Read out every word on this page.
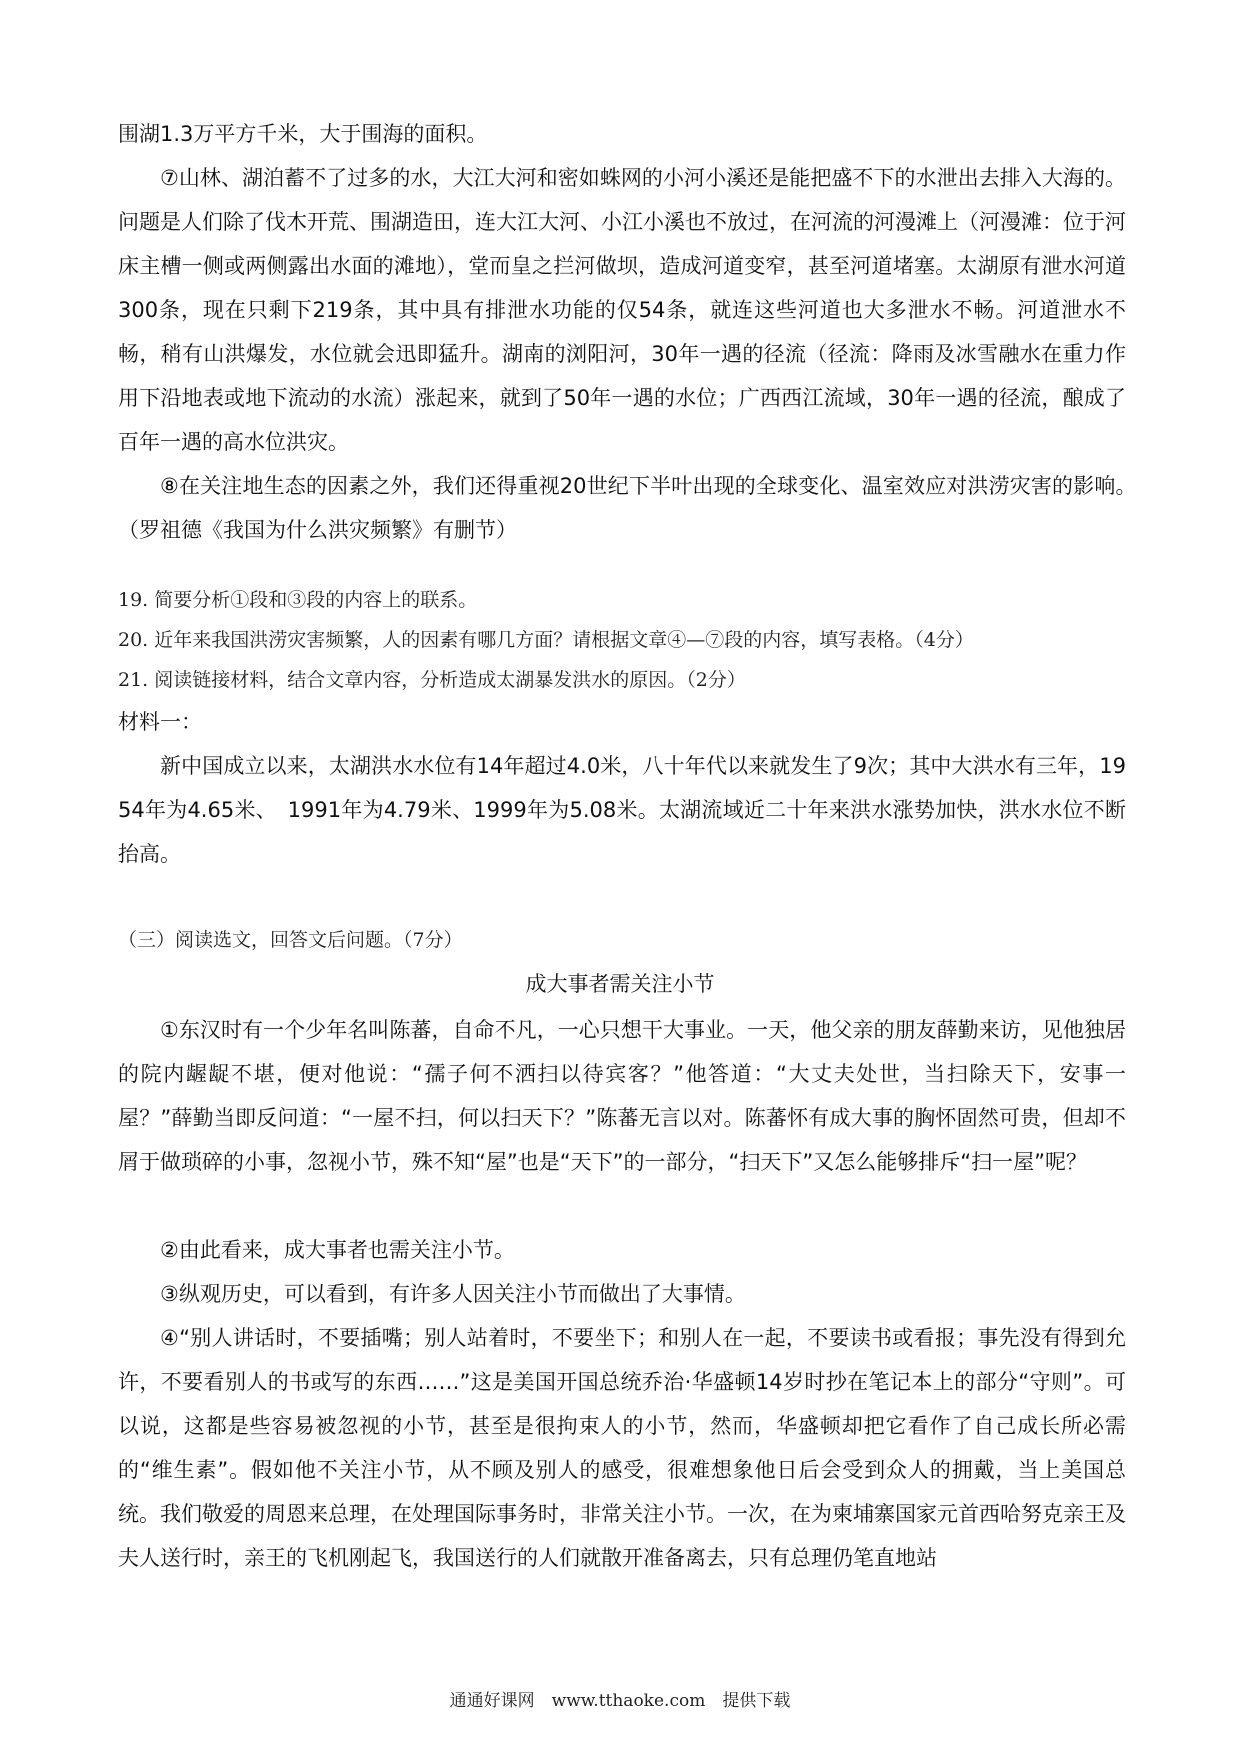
围湖1.3万平方千米，大于围海的面积。
⑦山林、湖泊蓄不了过多的水，大江大河和密如蛛网的小河小溪还是能把盛不下的水泄出去排入大海的。问题是人们除了伐木开荒、围湖造田，连大江大河、小江小溪也不放过，在河流的河漫滩上（河漫滩：位于河床主槽一侧或两侧露出水面的滩地），堂而皇之拦河做坝，造成河道变窄，甚至河道堵塞。太湖原有泄水河道300条，现在只剩下219条，其中具有排泄水功能的仅54条，就连这些河道也大多泄水不畅。河道泄水不畅，稍有山洪爆发，水位就会迅即猛升。湖南的浏阳河，30年一遇的径流（径流：降雨及冰雪融水在重力作用下沿地表或地下流动的水流）涨起来，就到了50年一遇的水位；广西西江流域，30年一遇的径流，酿成了百年一遇的高水位洪灾。
⑧在关注地生态的因素之外，我们还得重视20世纪下半叶出现的全球变化、温室效应对洪涝灾害的影响。　（罗祖德《我国为什么洪灾频繁》有删节）
19. 简要分析①段和③段的内容上的联系。
20. 近年来我国洪涝灾害频繁，人的因素有哪几方面？请根据文章④—⑦段的内容，填写表格。（4分）
21. 阅读链接材料，结合文章内容，分析造成太湖暴发洪水的原因。（2分）
材料一：
新中国成立以来，太湖洪水水位有14年超过4.0米，八十年代以来就发生了9次；其中大洪水有三年，1954年为4.65米、　1991年为4.79米、1999年为5.08米。太湖流域近二十年来洪水涨势加快，洪水水位不断抬高。
（三）阅读选文，回答文后问题。（7分）
成大事者需关注小节
①东汉时有一个少年名叫陈蕃，自命不凡，一心只想干大事业。一天，他父亲的朋友薛勤来访，见他独居的院内龌龊不堪，便对他说：“孺子何不洒扫以待宾客？”他答道：“大丈夫处世，当扫除天下，安事一屋？”薛勤当即反问道：“一屋不扫，何以扫天下？”陈蕃无言以对。陈蕃怀有成大事的胸怀固然可贵，但却不屑于做琐碎的小事，忽视小节，殊不知“屋”也是“天下”的一部分，“扫天下”又怎么能够排斥“扫一屋”呢？
②由此看来，成大事者也需关注小节。
③纵观历史，可以看到，有许多人因关注小节而做出了大事情。
④“别人讲话时，不要插嘴；别人站着时，不要坐下；和别人在一起，不要读书或看报；事先没有得到允许，不要看别人的书或写的东西……”这是美国开国总统乔治·华盛顿14岁时抄在笔记本上的部分“守则”。可以说，这都是些容易被忽视的小节，甚至是很拘束人的小节，然而，华盛顿却把它看作了自己成长所必需的“维生素”。假如他不关注小节，从不顾及别人的感受，很难想象他日后会受到众人的拥戴，当上美国总统。我们敬爱的周恩来总理，在处理国际事务时，非常关注小节。一次，在为柬埔寨国家元首西哈努克亲王及夫人送行时，亲王的飞机刚起飞，我国送行的人们就散开准备离去，只有总理仍笔直地站
通通好课网　www.tthaoke.com　提供下载
